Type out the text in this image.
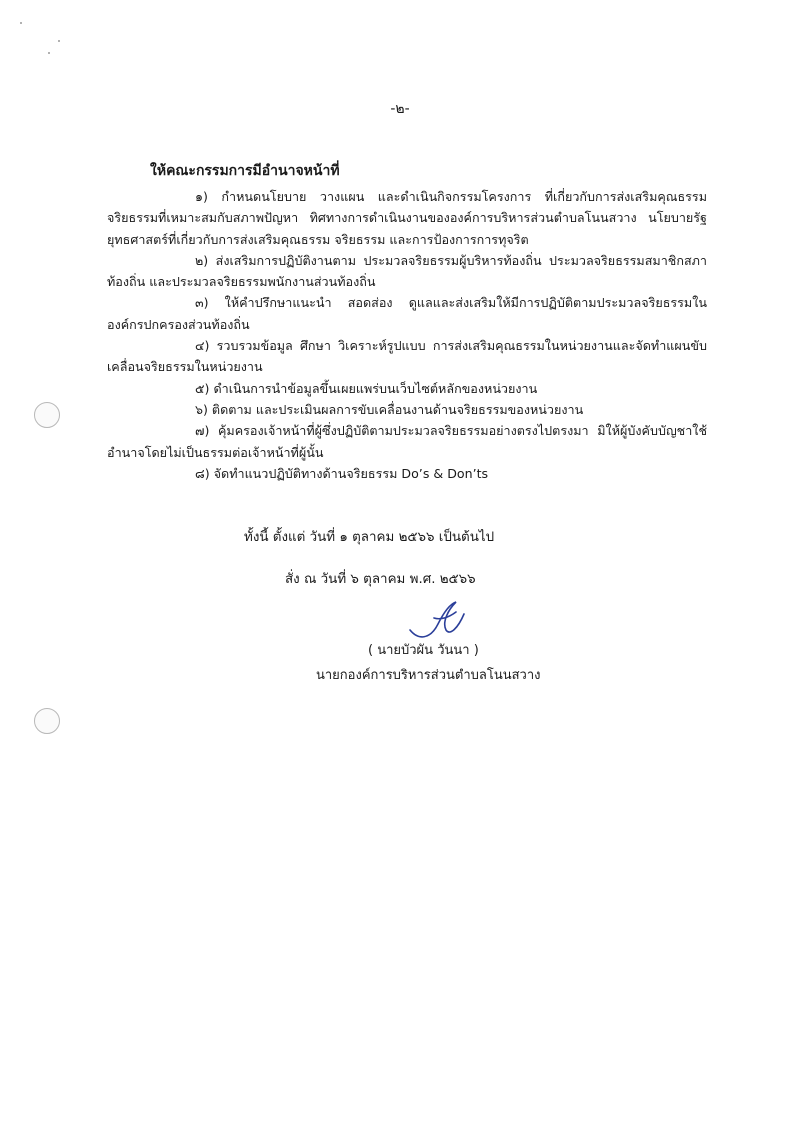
-๒-
ให้คณะกรรมการมีอำนาจหน้าที่

๑) กำหนดนโยบาย วางแผน และดำเนินกิจกรรมโครงการ ที่เกี่ยวกับการส่งเสริมคุณธรรมจริยธรรมที่เหมาะสมกับสภาพปัญหา ทิศทางการดำเนินงานขององค์การบริหารส่วนตำบลโนนสวาง นโยบายรัฐยุทธศาสตร์ที่เกี่ยวกับการส่งเสริมคุณธรรม จริยธรรม และการป้องการการทุจริต

๒) ส่งเสริมการปฏิบัติงานตาม ประมวลจริยธรรมผู้บริหารท้องถิ่น ประมวลจริยธรรมสมาชิกสภาท้องถิ่น และประมวลจริยธรรมพนักงานส่วนท้องถิ่น

๓) ให้คำปรึกษาแนะนำ สอดส่อง ดูแลและส่งเสริมให้มีการปฏิบัติตามประมวลจริยธรรมในองค์กรปกครองส่วนท้องถิ่น

๔) รวบรวมข้อมูล ศึกษา วิเคราะห์รูปแบบ การส่งเสริมคุณธรรมในหน่วยงานและจัดทำแผนขับเคลื่อนจริยธรรมในหน่วยงาน

๕) ดำเนินการนำข้อมูลขึ้นเผยแพร่บนเว็บไซต์หลักของหน่วยงาน

๖) ติดตาม และประเมินผลการขับเคลื่อนงานด้านจริยธรรมของหน่วยงาน

๗) คุ้มครองเจ้าหน้าที่ผู้ซึ่งปฏิบัติตามประมวลจริยธรรมอย่างตรงไปตรงมา มิให้ผู้บังคับบัญชาใช้อำนาจโดยไม่เป็นธรรมต่อเจ้าหน้าที่ผู้นั้น

๘) จัดทำแนวปฏิบัติทางด้านจริยธรรม Do’s & Don’ts

ทั้งนี้ ตั้งแต่ วันที่ ๑ ตุลาคม ๒๕๖๖ เป็นต้นไป
สั่ง ณ วันที่ ๖ ตุลาคม พ.ศ. ๒๕๖๖
( นายบัวผัน วันนา )
นายกองค์การบริหารส่วนตำบลโนนสวาง
